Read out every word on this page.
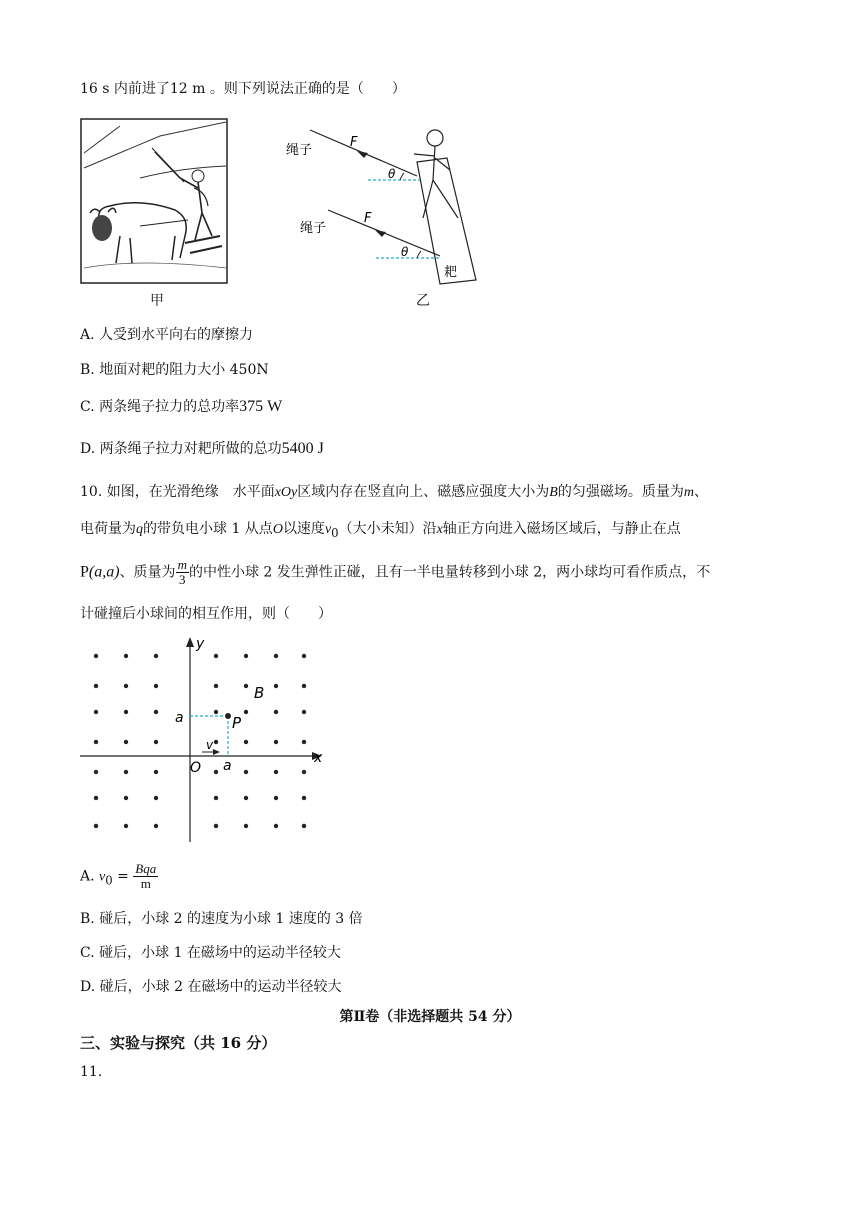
16 s 内前进了12 m 。则下列说法正确的是（　　）
甲
绳子
绳子
F
F
θ
θ
耙
乙
A. 人受到水平向右的摩擦力
B. 地面对耙的阻力大小 450N
C. 两条绳子拉力的总功率375 W
D. 两条绳子拉力对耙所做的总功5400 J
10. 如图，在光滑绝缘　水平面xOy区域内存在竖直向上、磁感应强度大小为B的匀强磁场。质量为m、
电荷量为q的带负电小球 1 从点O以速度$v_0$（大小未知）沿x轴正方向进入磁场区域后，与静止在点
P(a,a)、质量为 $\frac{m}{3}$ 的中性小球 2 发生弹性正碰，且有一半电量转移到小球 2，两小球均可看作质点，不
计碰撞后小球间的相互作用，则（　　）
y
x
B
P
a
a
O
v
A. $v_0 = \frac{\text{Bqa}}{m}$
B. 碰后，小球 2 的速度为小球 1 速度的 3 倍
C. 碰后，小球 1 在磁场中的运动半径较大
D. 碰后，小球 2 在磁场中的运动半径较大
第Ⅱ卷（非选择题共 54 分）
三、实验与探究（共 16 分）
11.
